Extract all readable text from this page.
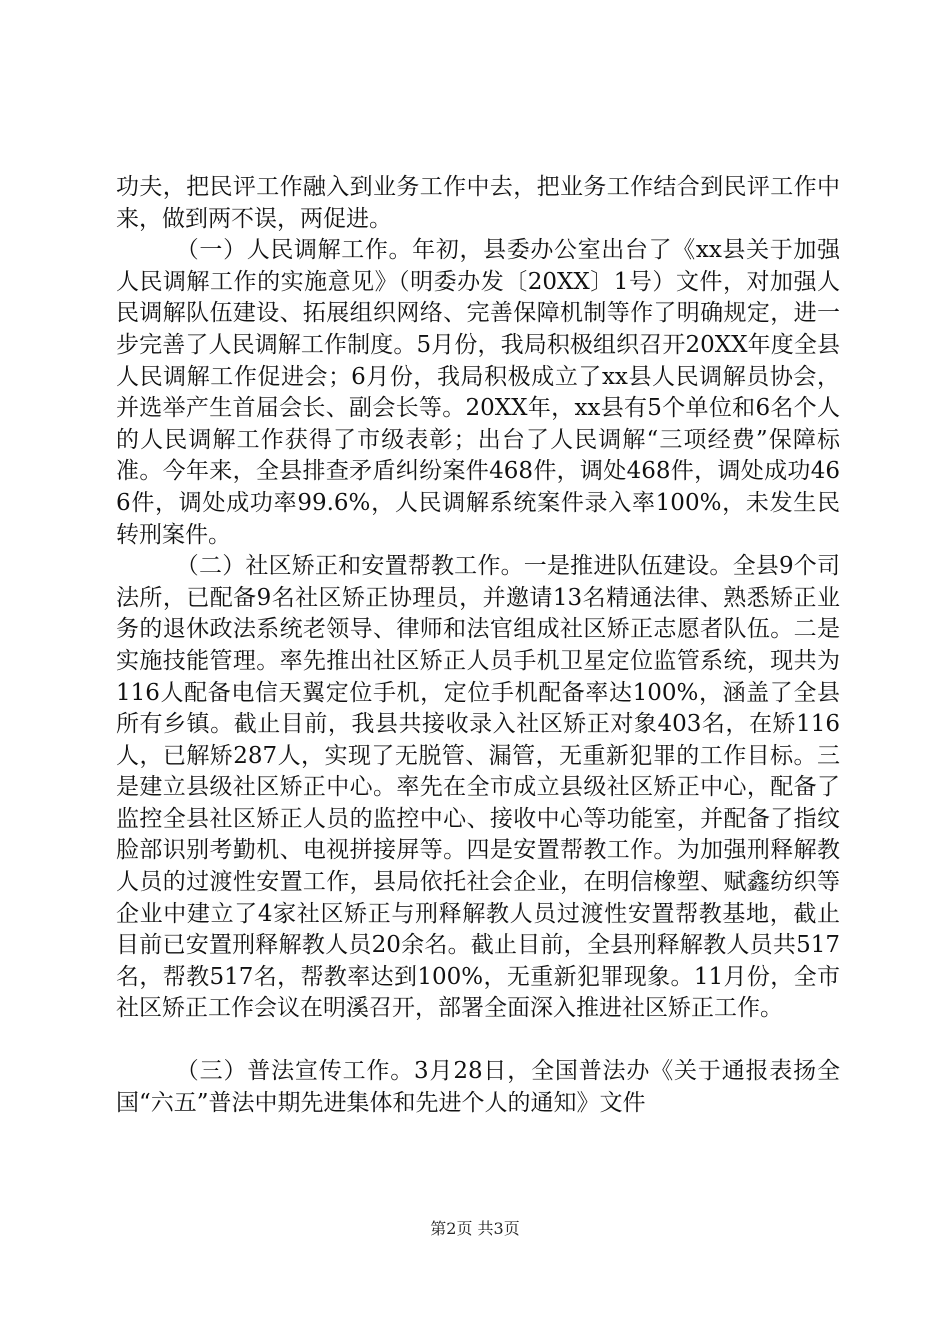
功夫，把民评工作融入到业务工作中去，把业务工作结合到民评工作中来，做到两不误，两促进。

（一）人民调解工作。年初，县委办公室出台了《xx县关于加强人民调解工作的实施意见》（明委办发〔20XX〕1号）文件，对加强人民调解队伍建设、拓展组织网络、完善保障机制等作了明确规定，进一步完善了人民调解工作制度。5月份，我局积极组织召开20XX年度全县人民调解工作促进会；6月份，我局积极成立了xx县人民调解员协会，并选举产生首届会长、副会长等。20XX年，xx县有5个单位和6名个人的人民调解工作获得了市级表彰；出台了人民调解“三项经费”保障标准。今年来，全县排查矛盾纠纷案件468件，调处468件，调处成功466件，调处成功率99.6%，人民调解系统案件录入率100%，未发生民转刑案件。

（二）社区矫正和安置帮教工作。一是推进队伍建设。全县9个司法所，已配备9名社区矫正协理员，并邀请13名精通法律、熟悉矫正业务的退休政法系统老领导、律师和法官组成社区矫正志愿者队伍。二是实施技能管理。率先推出社区矫正人员手机卫星定位监管系统，现共为116人配备电信天翼定位手机，定位手机配备率达100%，涵盖了全县所有乡镇。截止目前，我县共接收录入社区矫正对象403名，在矫116人，已解矫287人，实现了无脱管、漏管，无重新犯罪的工作目标。三是建立县级社区矫正中心。率先在全市成立县级社区矫正中心，配备了监控全县社区矫正人员的监控中心、接收中心等功能室，并配备了指纹脸部识别考勤机、电视拼接屏等。四是安置帮教工作。为加强刑释解教人员的过渡性安置工作，县局依托社会企业，在明信橡塑、赋鑫纺织等企业中建立了4家社区矫正与刑释解教人员过渡性安置帮教基地，截止目前已安置刑释解教人员20余名。截止目前，全县刑释解教人员共517名，帮教517名，帮教率达到100%，无重新犯罪现象。11月份，全市社区矫正工作会议在明溪召开，部署全面深入推进社区矫正工作。

（三）普法宣传工作。3月28日，全国普法办《关于通报表扬全国“六五”普法中期先进集体和先进个人的通知》文件

第2页 共3页
